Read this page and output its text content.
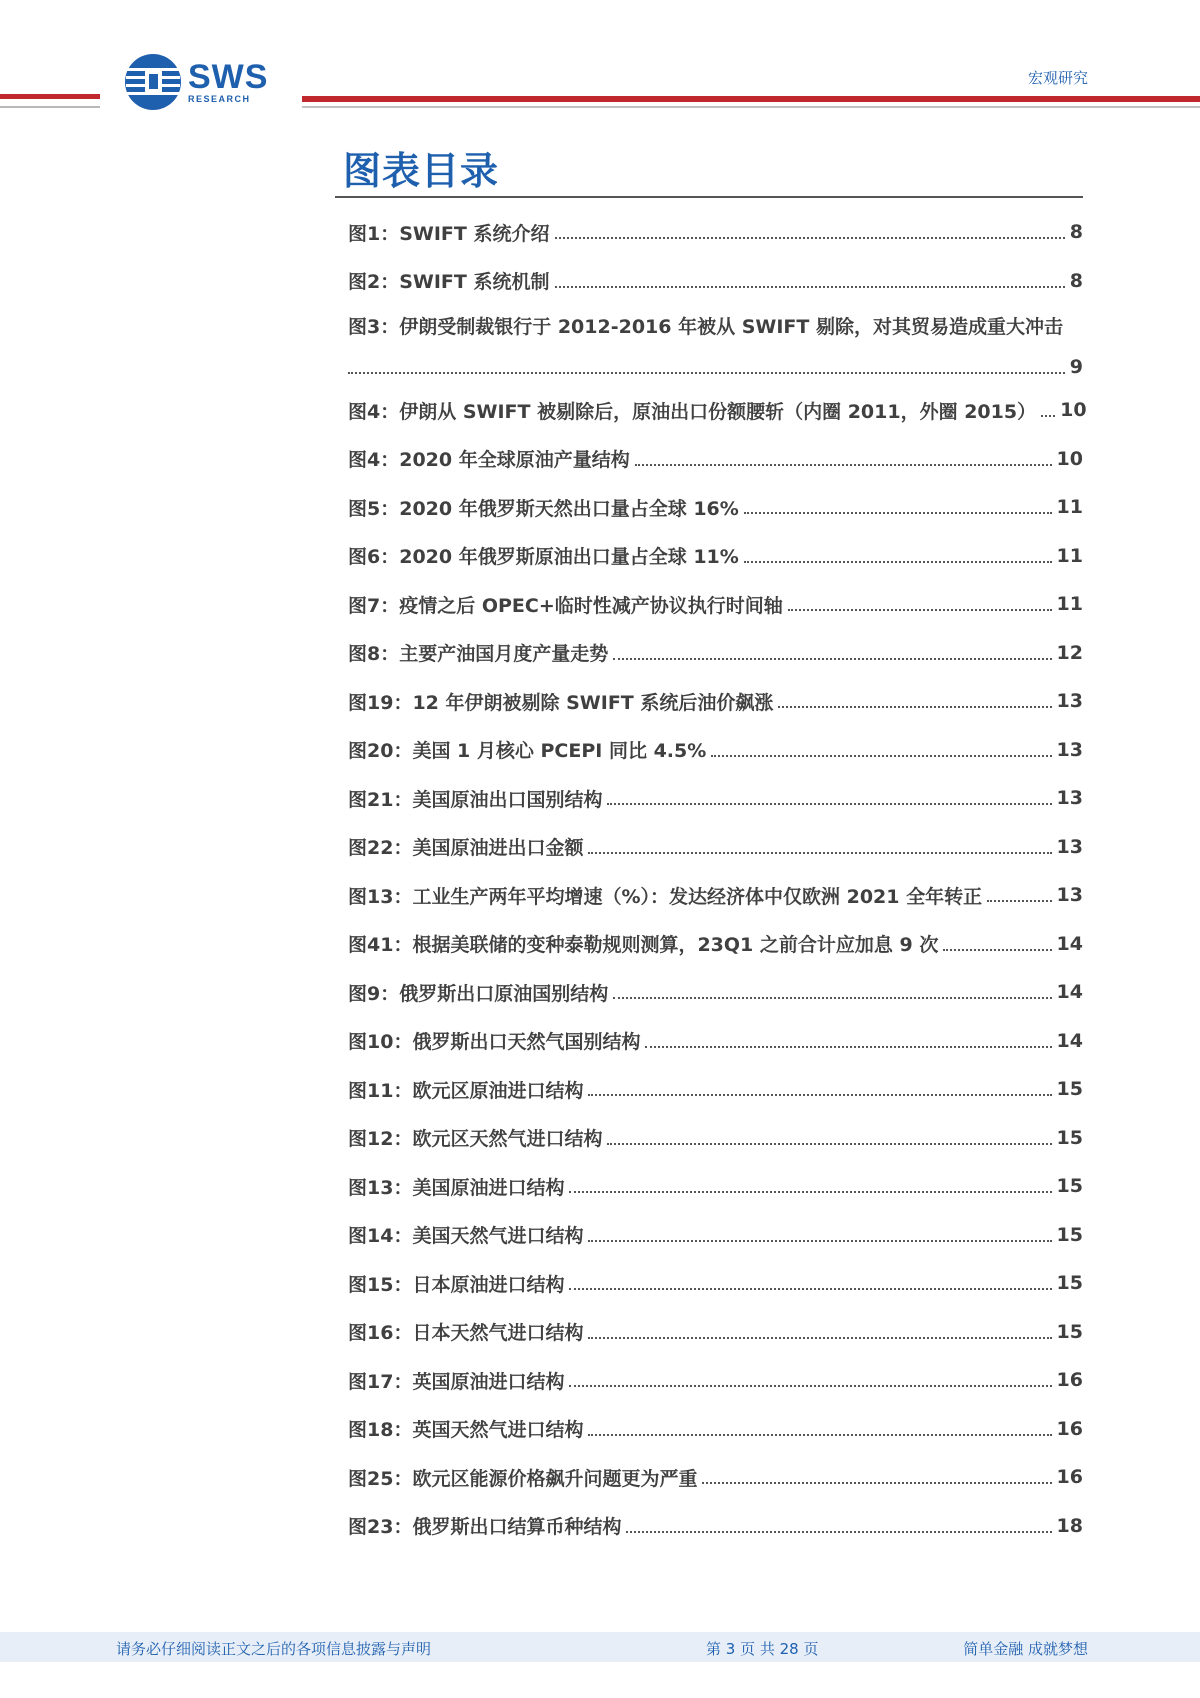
SWS
RESEARCH
宏观研究
图表目录
图1：SWIFT 系统介绍	8
图2：SWIFT 系统机制	8
图3：伊朗受制裁银行于 2012-2016 年被从 SWIFT 剔除，对其贸易造成重大冲击
9
图4：伊朗从 SWIFT 被剔除后，原油出口份额腰斩（内圈 2011，外圈 2015） 10
图4：2020 年全球原油产量结构	10
图5：2020 年俄罗斯天然出口量占全球 16%	11
图6：2020 年俄罗斯原油出口量占全球 11%	11
图7：疫情之后 OPEC+临时性减产协议执行时间轴	11
图8：主要产油国月度产量走势	12
图19：12 年伊朗被剔除 SWIFT 系统后油价飙涨	13
图20：美国 1 月核心 PCEPI 同比 4.5%	13
图21：美国原油出口国别结构	13
图22：美国原油进出口金额	13
图13：工业生产两年平均增速（%）：发达经济体中仅欧洲 2021 全年转正	13
图41：根据美联储的变种泰勒规则测算，23Q1 之前合计应加息 9 次	14
图9：俄罗斯出口原油国别结构	14
图10：俄罗斯出口天然气国别结构	14
图11：欧元区原油进口结构	15
图12：欧元区天然气进口结构	15
图13：美国原油进口结构	15
图14：美国天然气进口结构	15
图15：日本原油进口结构	15
图16：日本天然气进口结构	15
图17：英国原油进口结构	16
图18：英国天然气进口结构	16
图25：欧元区能源价格飙升问题更为严重	16
图23：俄罗斯出口结算币种结构	18
请务必仔细阅读正文之后的各项信息披露与声明	第 3 页 共 28 页	简单金融 成就梦想
